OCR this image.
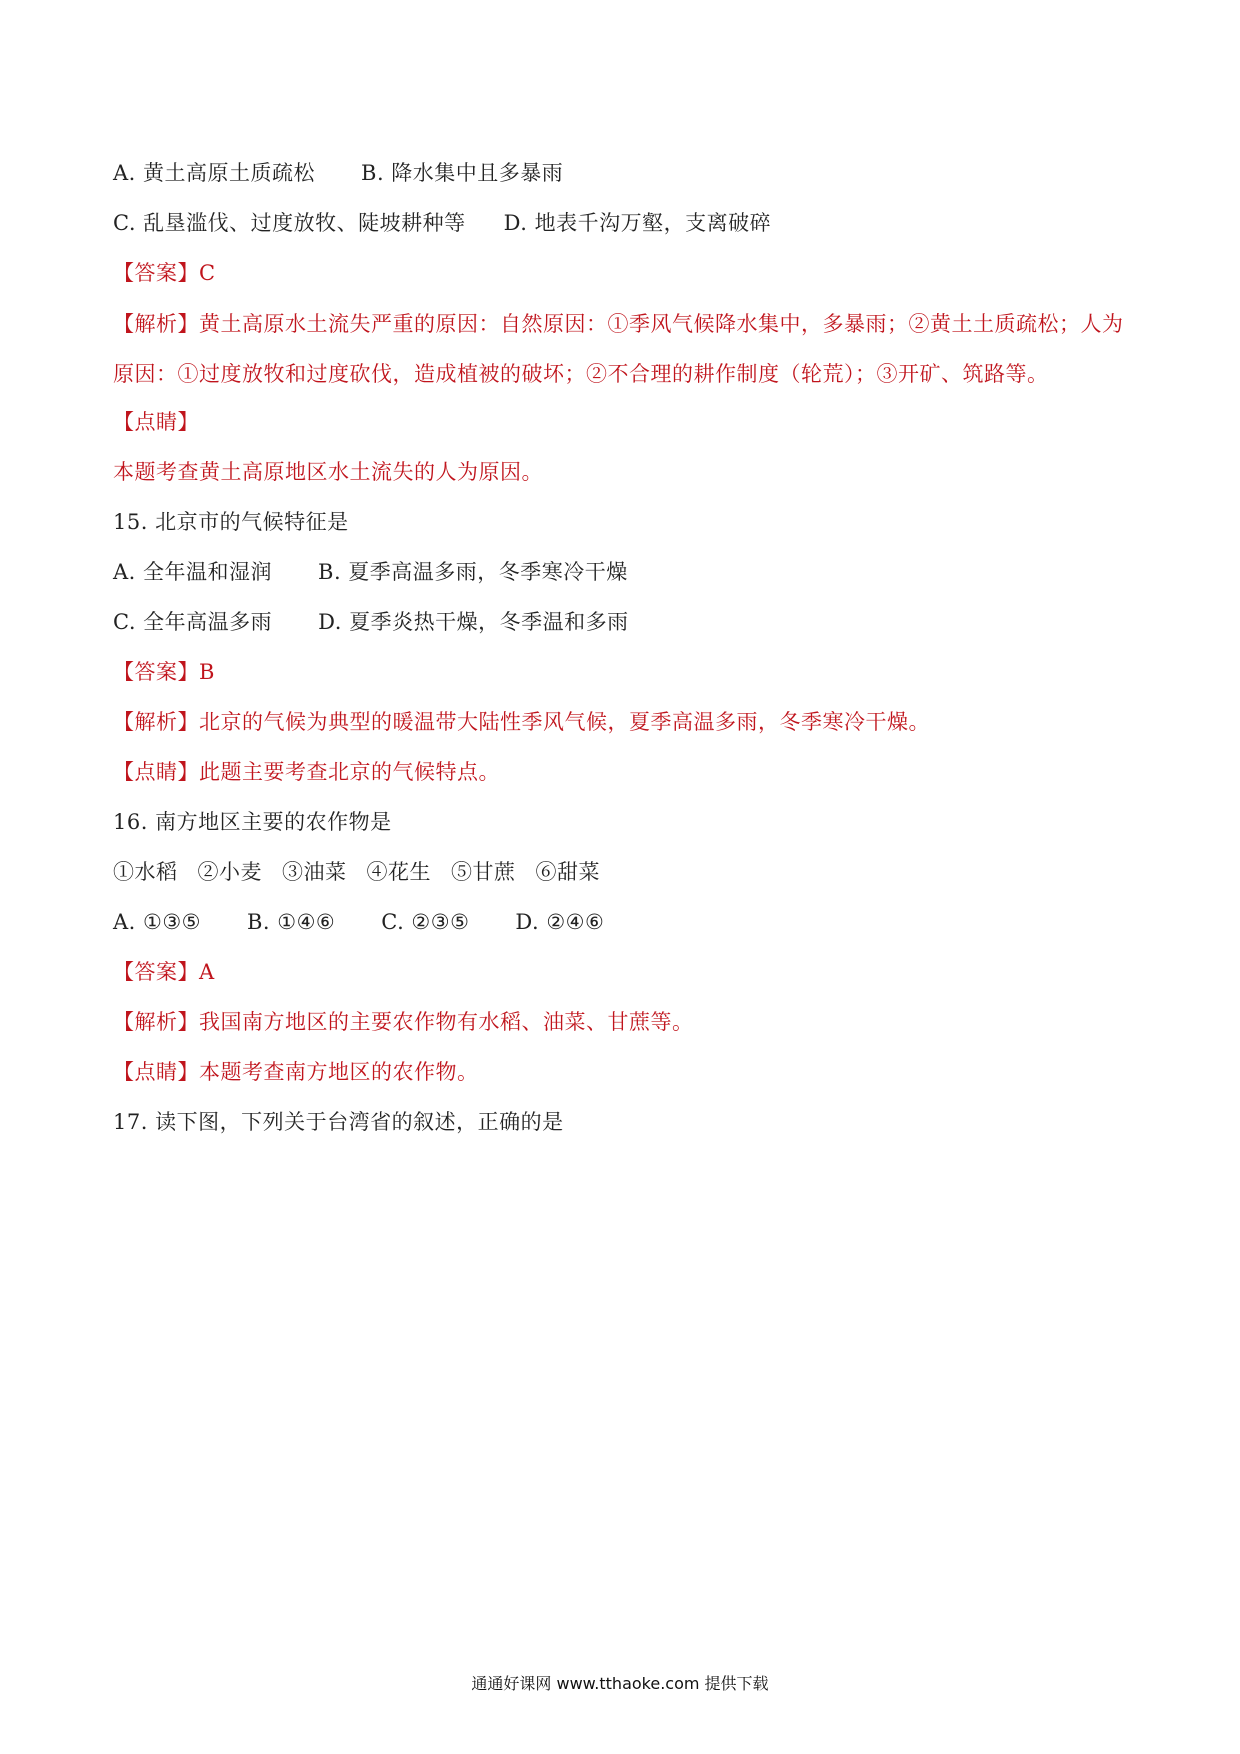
A. 黄土高原土质疏松 B. 降水集中且多暴雨
C. 乱垦滥伐、过度放牧、陡坡耕种等 D. 地表千沟万壑，支离破碎
【答案】C
【解析】黄土高原水土流失严重的原因：自然原因：①季风气候降水集中，多暴雨；②黄土土质疏松；人为原因：①过度放牧和过度砍伐，造成植被的破坏；②不合理的耕作制度（轮荒）；③开矿、筑路等。
【点睛】
本题考查黄土高原地区水土流失的人为原因。
15. 北京市的气候特征是
A. 全年温和湿润 B. 夏季高温多雨，冬季寒冷干燥
C. 全年高温多雨 D. 夏季炎热干燥，冬季温和多雨
【答案】B
【解析】北京的气候为典型的暖温带大陆性季风气候，夏季高温多雨，冬季寒冷干燥。
【点睛】此题主要考查北京的气候特点。
16. 南方地区主要的农作物是
①水稻 ②小麦 ③油菜 ④花生 ⑤甘蔗 ⑥甜菜
A. ①③⑤ B. ①④⑥ C. ②③⑤ D. ②④⑥
【答案】A
【解析】我国南方地区的主要农作物有水稻、油菜、甘蔗等。
【点睛】本题考查南方地区的农作物。
17. 读下图，下列关于台湾省的叙述，正确的是
通通好课网 www.tthaoke.com 提供下载
